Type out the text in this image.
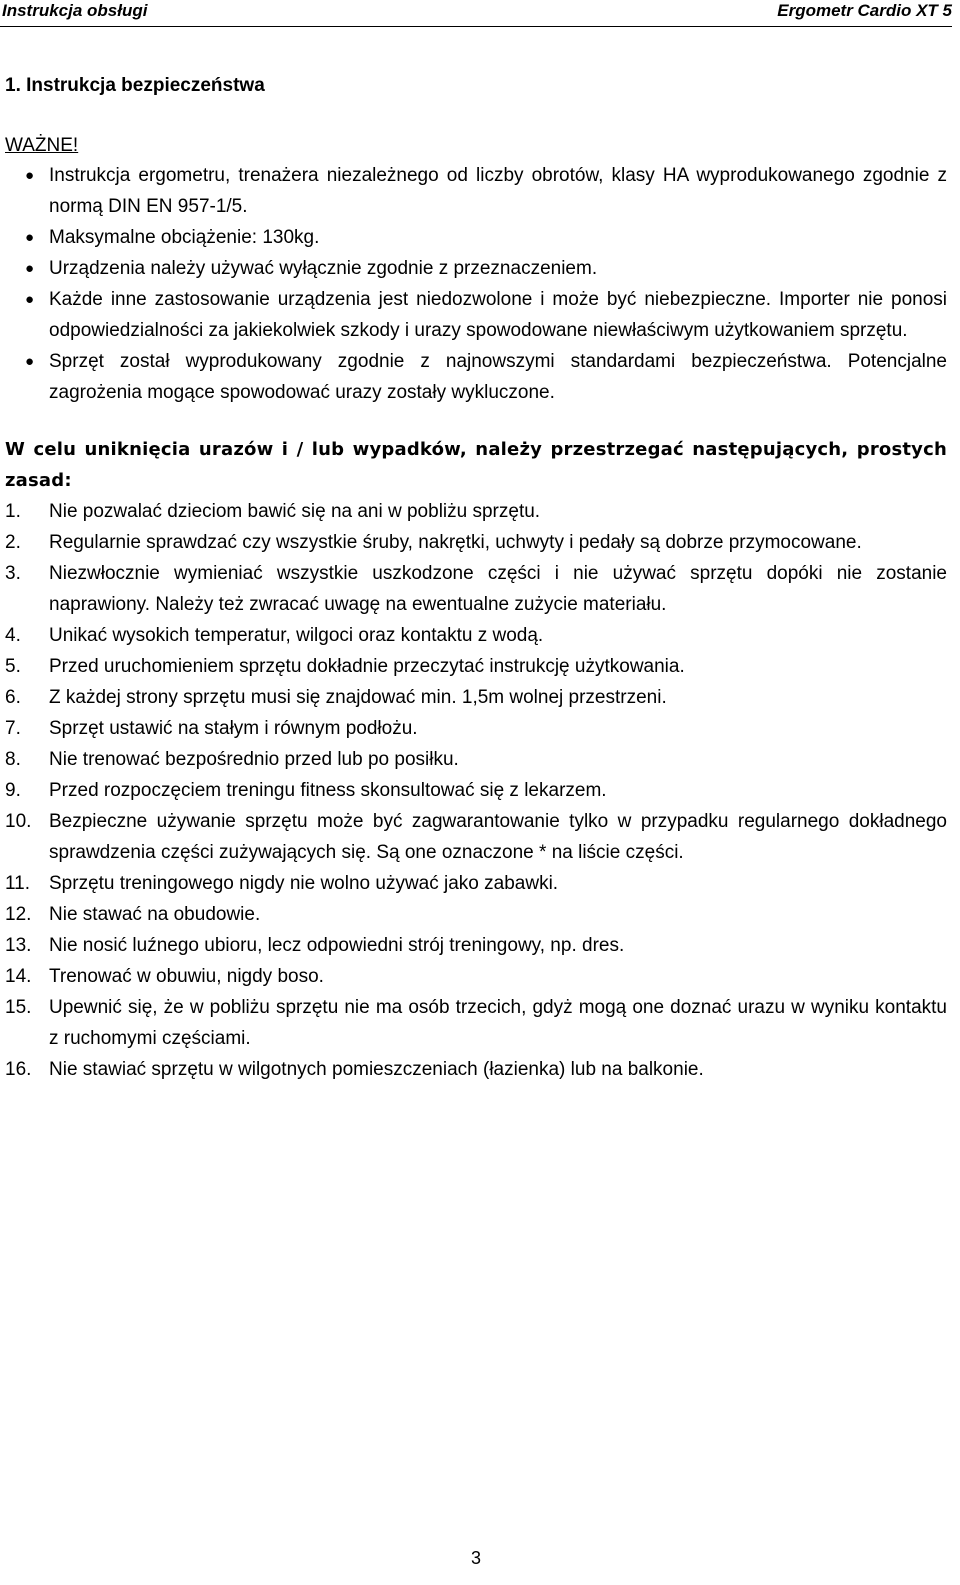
Instrukcja obsługi	Ergometr Cardio XT 5

1. Instrukcja bezpieczeństwa

WAŻNE!
● Instrukcja ergometru, trenażera niezależnego od liczby obrotów, klasy HA wyprodukowanego zgodnie z normą DIN EN 957-1/5.
● Maksymalne obciążenie: 130kg.
● Urządzenia należy używać wyłącznie zgodnie z przeznaczeniem.
● Każde inne zastosowanie urządzenia jest niedozwolone i może być niebezpieczne. Importer nie ponosi odpowiedzialności za jakiekolwiek szkody i urazy spowodowane niewłaściwym użytkowaniem sprzętu.
● Sprzęt został wyprodukowany zgodnie z najnowszymi standardami bezpieczeństwa. Potencjalne zagrożenia mogące spowodować urazy zostały wykluczone.
W celu uniknięcia urazów i / lub wypadków, należy przestrzegać następujących, prostych zasad:
1. Nie pozwalać dzieciom bawić się na ani w pobliżu sprzętu.
2. Regularnie sprawdzać czy wszystkie śruby, nakrętki, uchwyty i pedały są dobrze przymocowane.
3. Niezwłocznie wymieniać wszystkie uszkodzone części i nie używać sprzętu dopóki nie zostanie naprawiony. Należy też zwracać uwagę na ewentualne zużycie materiału.
4. Unikać wysokich temperatur, wilgoci oraz kontaktu z wodą.
5. Przed uruchomieniem sprzętu dokładnie przeczytać instrukcję użytkowania.
6. Z każdej strony sprzętu musi się znajdować min. 1,5m wolnej przestrzeni.
7. Sprzęt ustawić na stałym i równym podłożu.
8. Nie trenować bezpośrednio przed lub po posiłku.
9. Przed rozpoczęciem treningu fitness skonsultować się z lekarzem.
10. Bezpieczne używanie sprzętu może być zagwarantowanie tylko w przypadku regularnego dokładnego sprawdzenia części zużywających się. Są one oznaczone * na liście części.
11. Sprzętu treningowego nigdy nie wolno używać jako zabawki.
12. Nie stawać na obudowie.
13. Nie nosić luźnego ubioru, lecz odpowiedni strój treningowy, np. dres.
14. Trenować w obuwiu, nigdy boso.
15. Upewnić się, że w pobliżu sprzętu nie ma osób trzecich, gdyż mogą one doznać urazu w wyniku kontaktu z ruchomymi częściami.
16. Nie stawiać sprzętu w wilgotnych pomieszczeniach (łazienka) lub na balkonie.
3
